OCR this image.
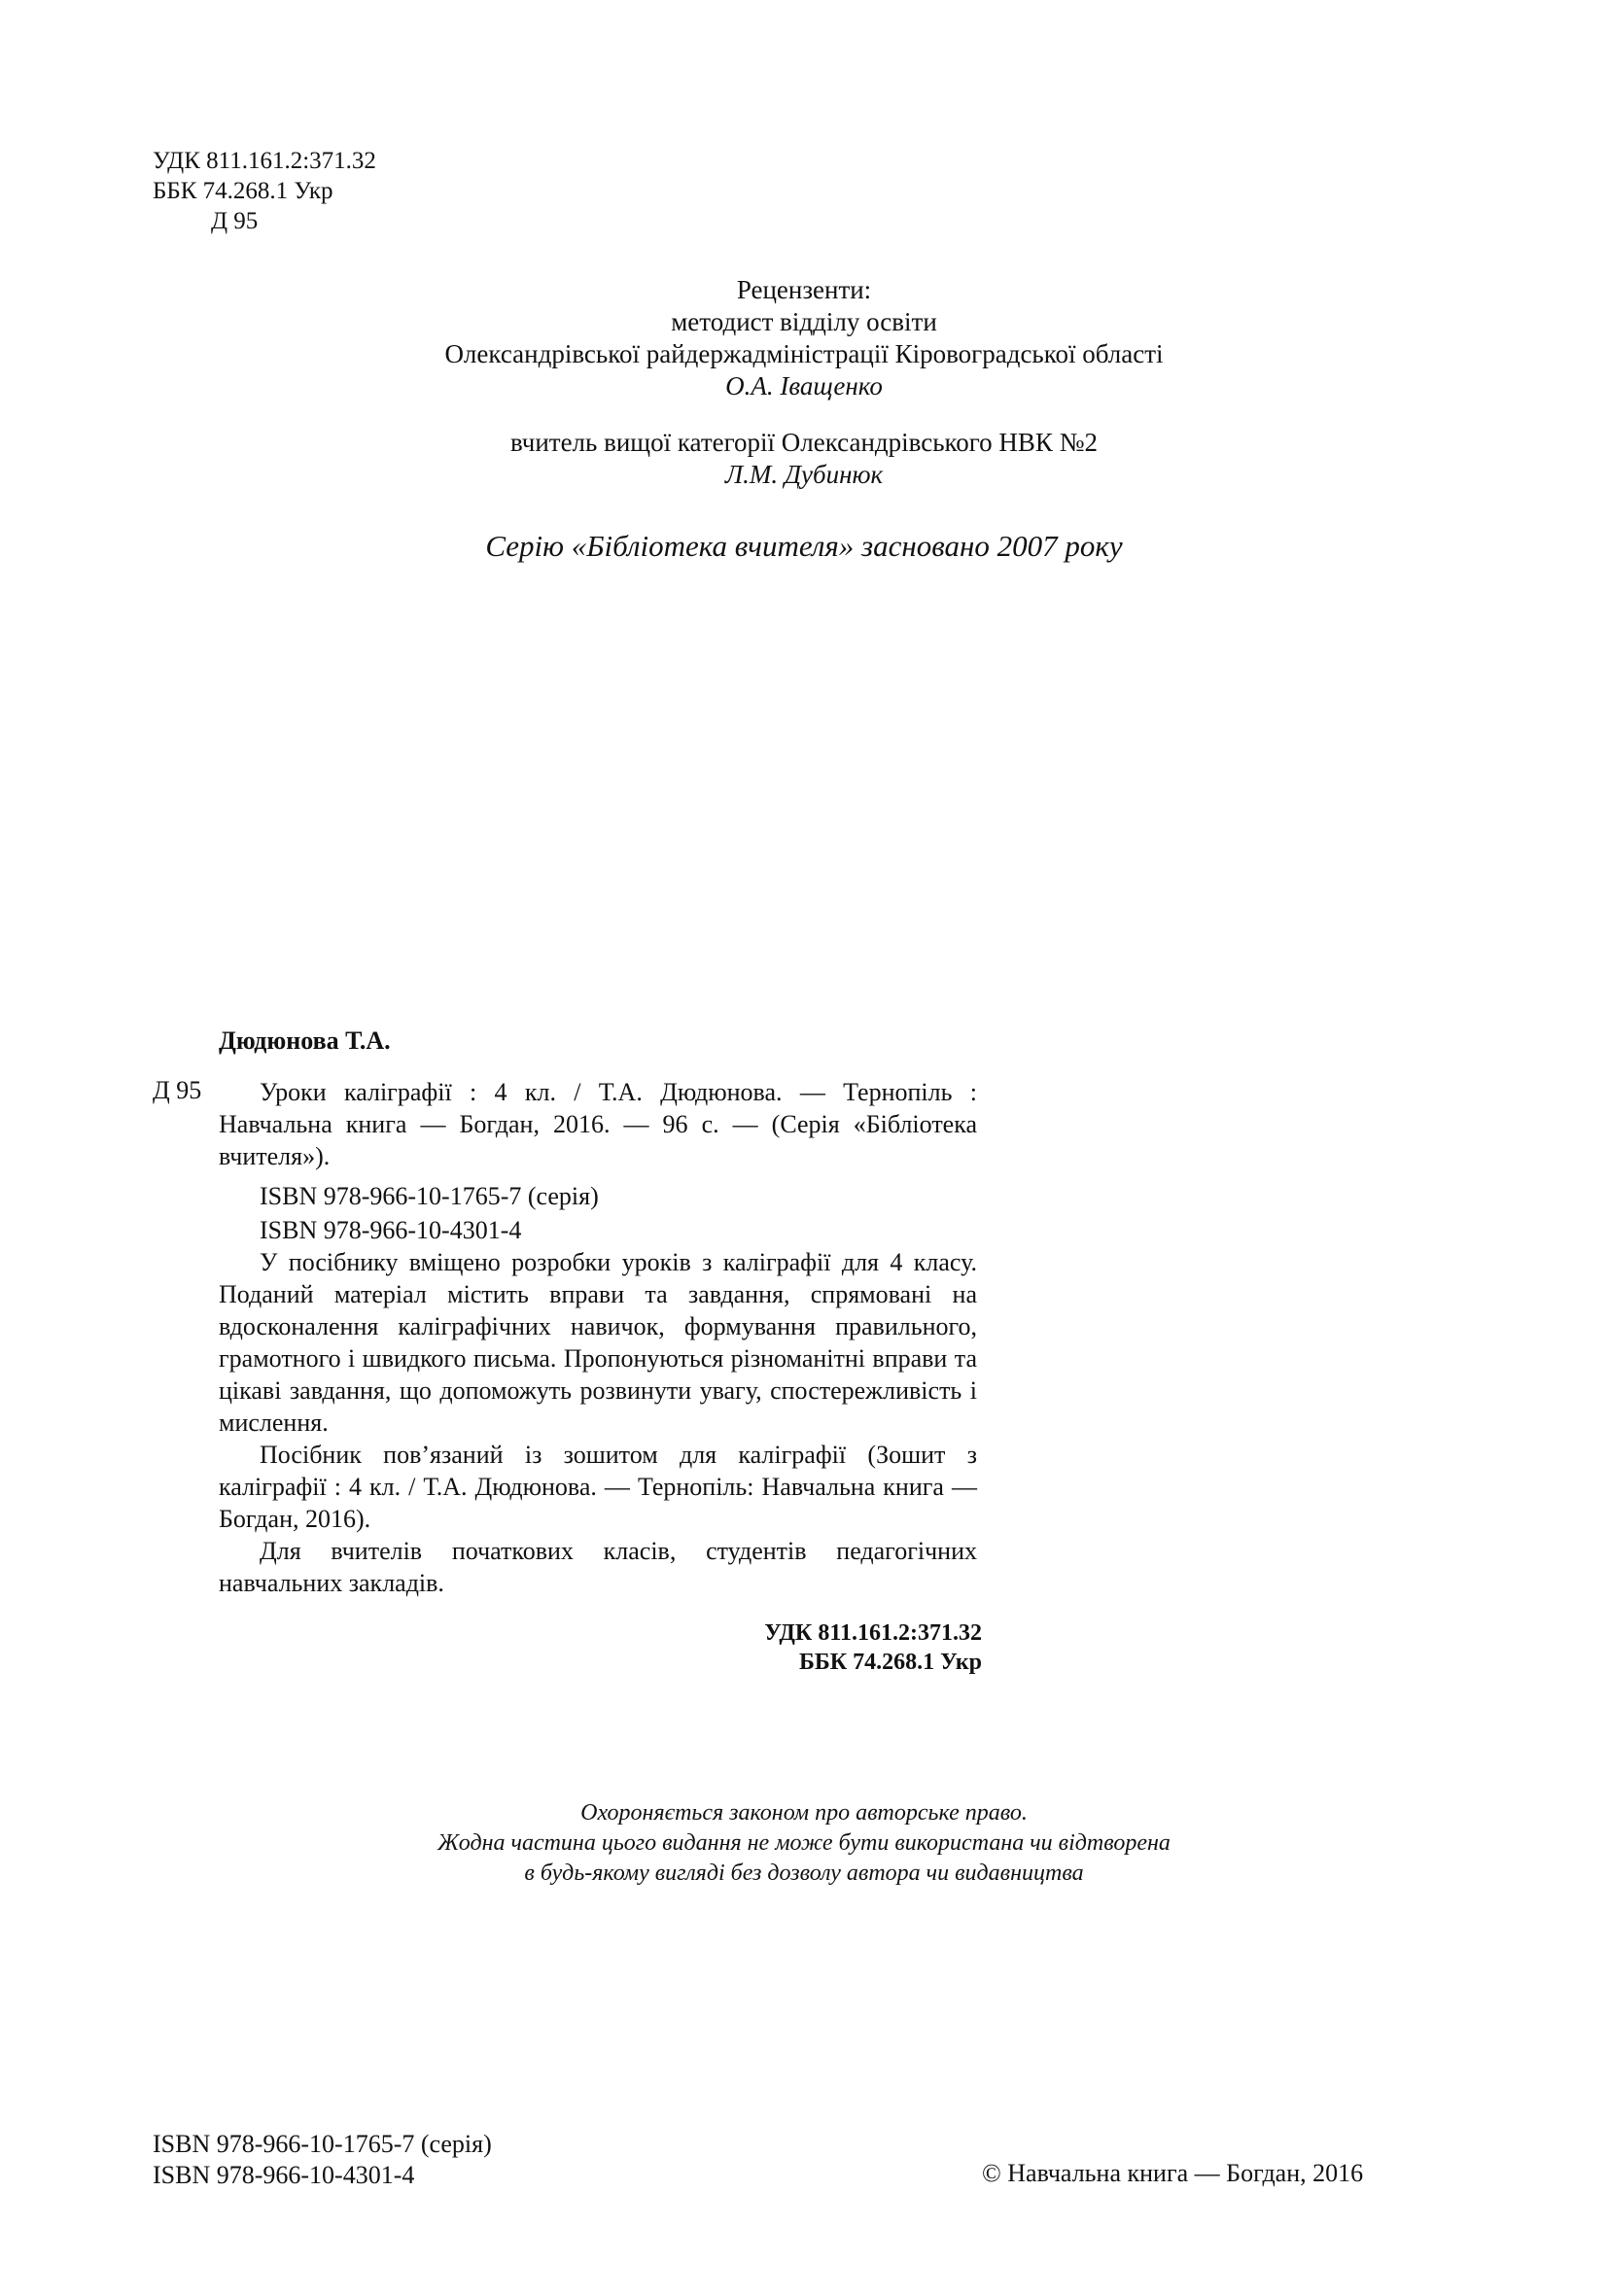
УДК 811.161.2:371.32
ББК 74.268.1 Укр
Д 95
Рецензенти:
методист відділу освіти
Олександрівської райдержадміністрації Кіровоградської області
О.А. Іващенко
вчитель вищої категорії Олександрівського НВК №2
Л.М. Дубинюк
Серію «Бібліотека вчителя» засновано 2007 року
Дюдюнова Т.А.
Д 95	Уроки каліграфії : 4 кл. / Т.А. Дюдюнова. — Тернопіль : Навчальна книга — Богдан, 2016. — 96 с. — (Серія «Бібліотека вчителя»).

ISBN 978-966-10-1765-7 (серія)

ISBN 978-966-10-4301-4

У посібнику вміщено розробки уроків з каліграфії для 4 класу. Поданий матеріал містить вправи та завдання, спрямовані на вдосконалення каліграфічних навичок, формування правильного, грамотного і швидкого письма. Пропонуються різноманітні вправи та цікаві завдання, що допоможуть розвинути увагу, спостережливість і мислення.

Посібник пов’язаний із зошитом для каліграфії (Зошит з каліграфії : 4 кл. / Т.А. Дюдюнова. — Тернопіль: Навчальна книга — Богдан, 2016).

Для вчителів початкових класів, студентів педагогічних навчальних закладів.

УДК 811.161.2:371.32
ББК 74.268.1 Укр
Охороняється законом про авторське право.
Жодна частина цього видання не може бути використана чи відтворена
в будь-якому вигляді без дозволу автора чи видавництва
ISBN 978-966-10-1765-7 (серія)
ISBN 978-966-10-4301-4	© Навчальна книга — Богдан, 2016
